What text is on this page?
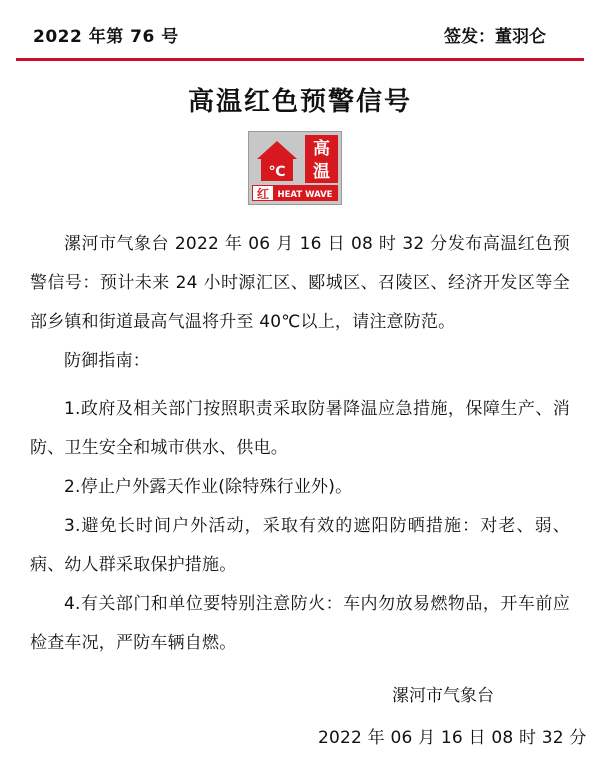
2022 年第 76 号	签发：董羽仑
高温红色预警信号
℃
高
温
红 HEAT WAVE
漯河市气象台 2022 年 06 月 16 日 08 时 32 分发布高温红色预警信号：预计未来 24 小时源汇区、郾城区、召陵区、经济开发区等全部乡镇和街道最高气温将升至 40℃以上，请注意防范。
防御指南：
1.政府及相关部门按照职责采取防暑降温应急措施，保障生产、消防、卫生安全和城市供水、供电。
2.停止户外露天作业(除特殊行业外)。
3.避免长时间户外活动，采取有效的遮阳防晒措施：对老、弱、病、幼人群采取保护措施。
4.有关部门和单位要特别注意防火：车内勿放易燃物品，开车前应检查车况，严防车辆自燃。
漯河市气象台
2022 年 06 月 16 日 08 时 32 分
